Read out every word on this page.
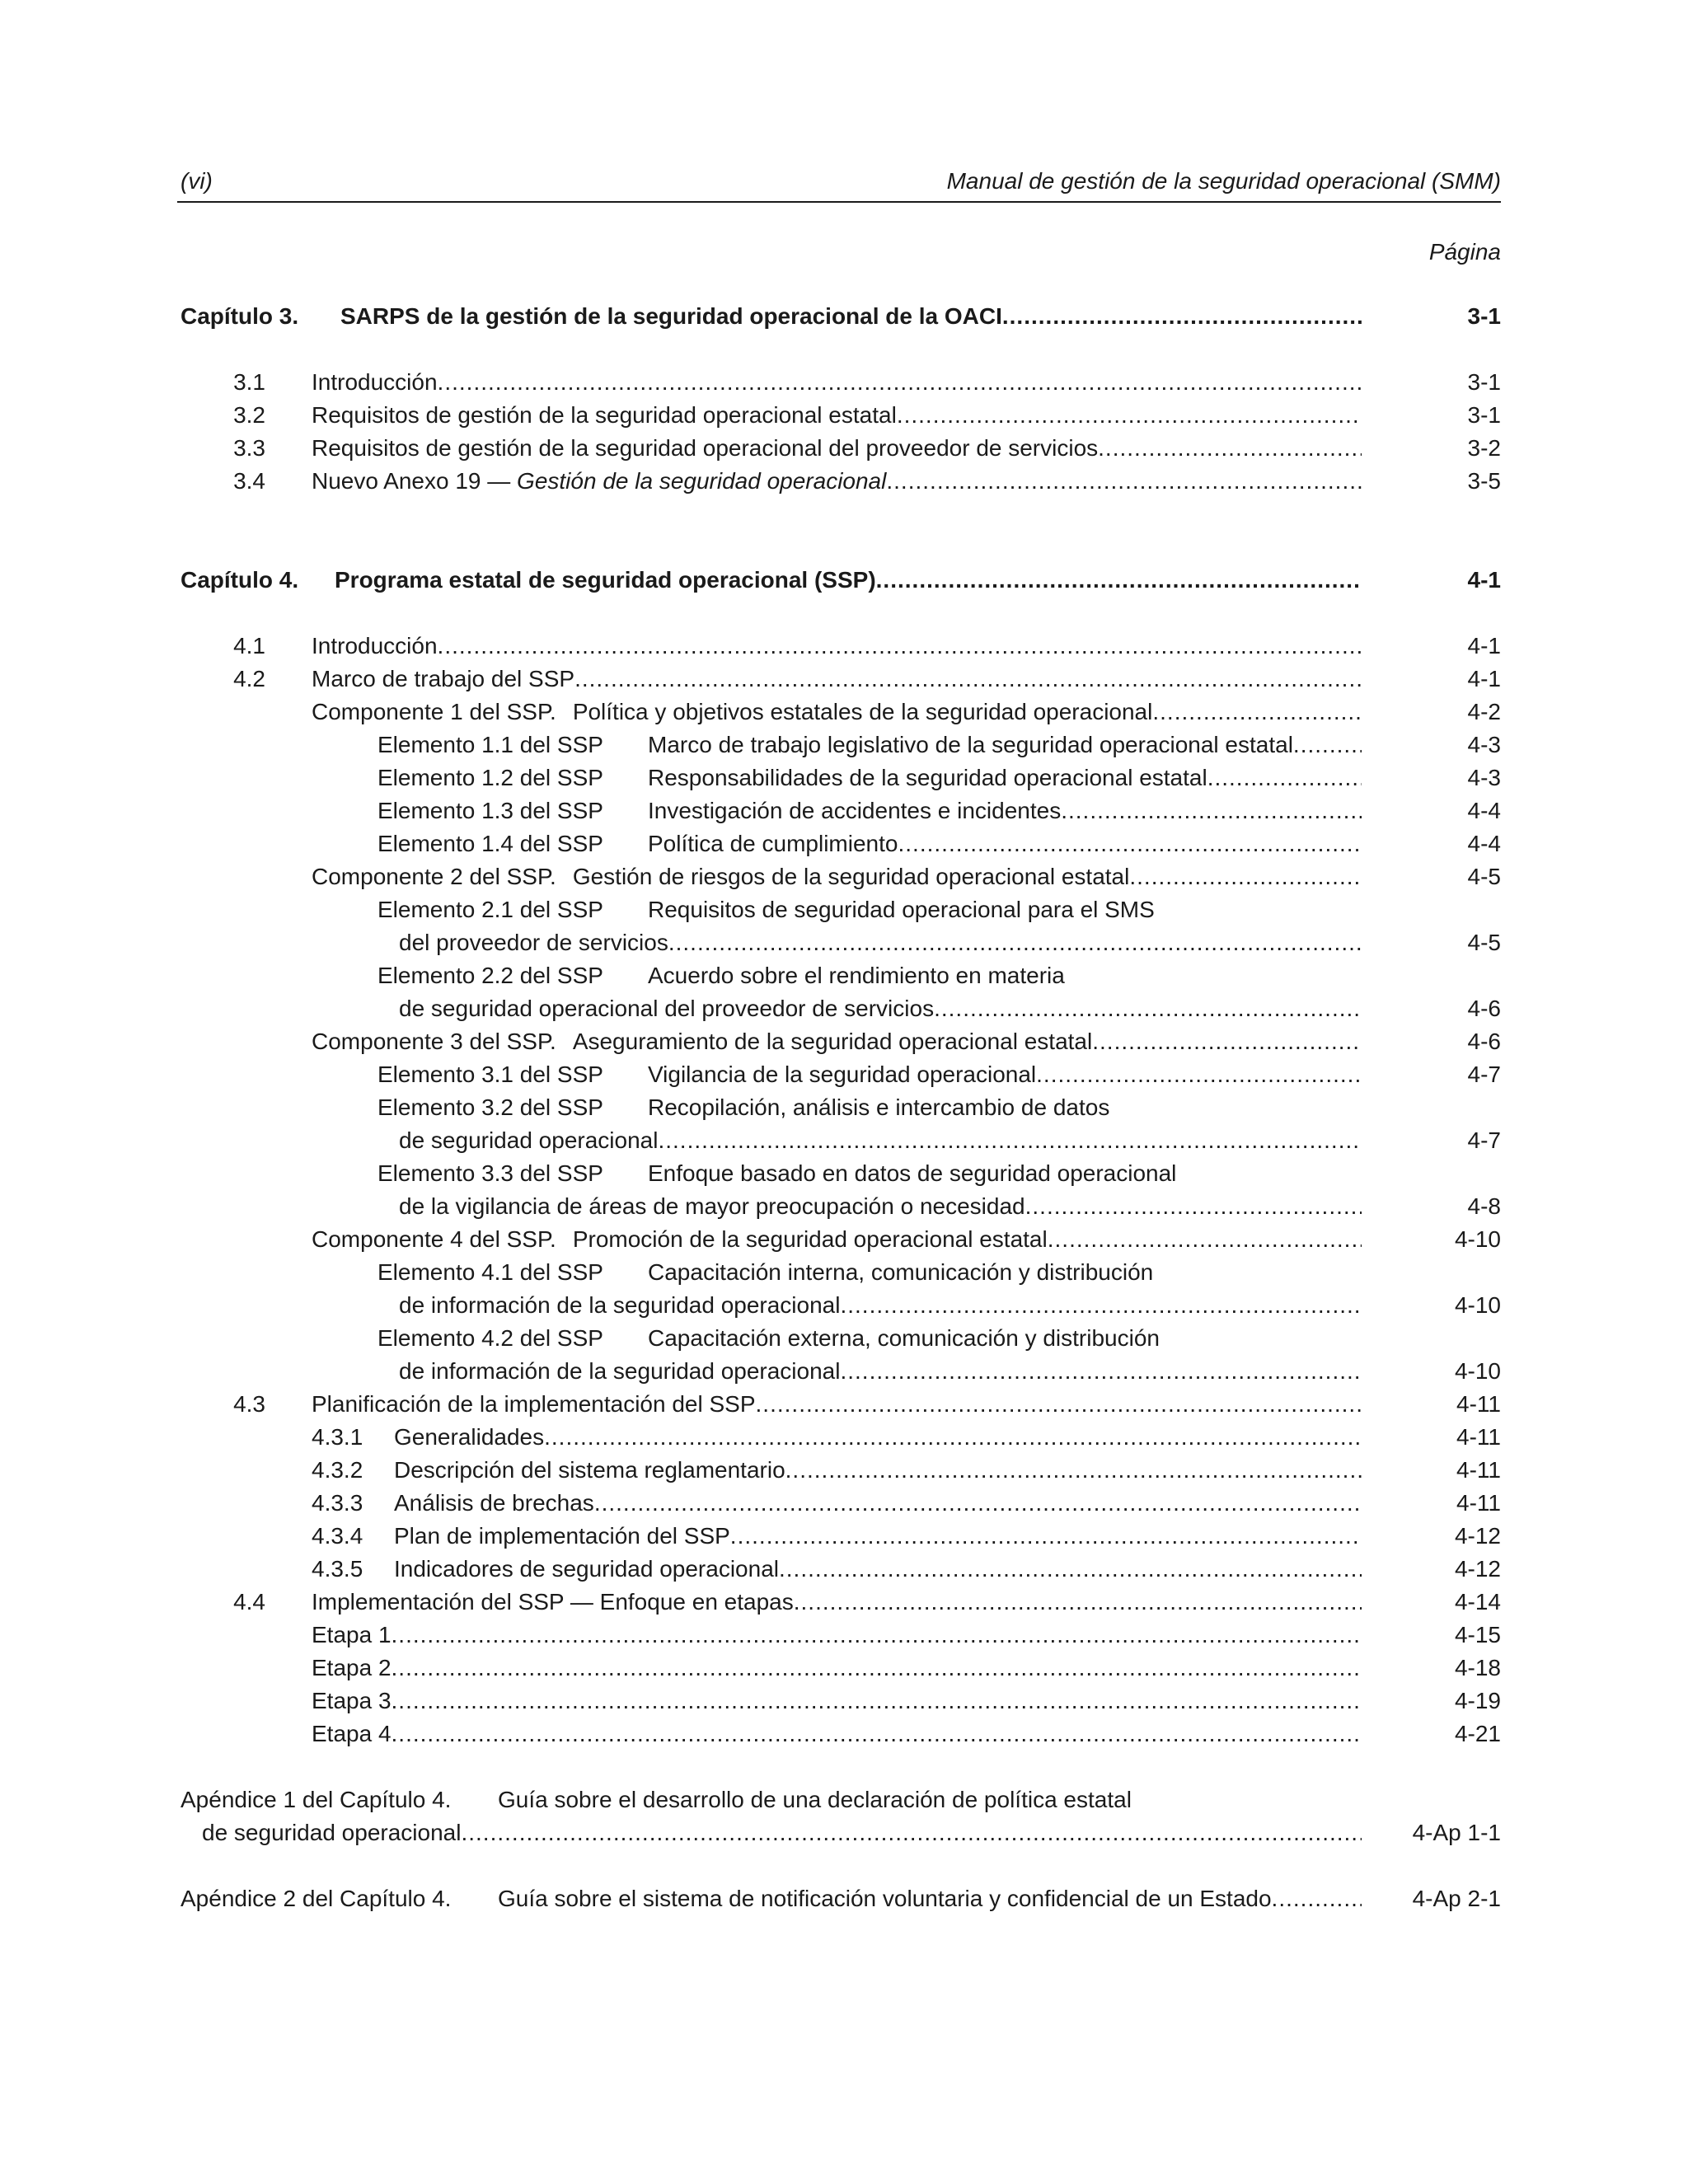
(vi)	Manual de gestión de la seguridad operacional (SMM)
Página
Capítulo 3. SARPS de la gestión de la seguridad operacional de la OACI .....	3-1
3.1 Introducción .....	3-1
3.2 Requisitos de gestión de la seguridad operacional estatal .....	3-1
3.3 Requisitos de gestión de la seguridad operacional del proveedor de servicios .....	3-2
3.4 Nuevo Anexo 19 — Gestión de la seguridad operacional .....	3-5
Capítulo 4. Programa estatal de seguridad operacional (SSP) .....	4-1
4.1 Introducción .....	4-1
4.2 Marco de trabajo del SSP .....	4-1
Componente 1 del SSP. Política y objetivos estatales de la seguridad operacional .....	4-2
Elemento 1.1 del SSP	Marco de trabajo legislativo de la seguridad operacional estatal .....	4-3
Elemento 1.2 del SSP	Responsabilidades de la seguridad operacional estatal .....	4-3
Elemento 1.3 del SSP	Investigación de accidentes e incidentes .....	4-4
Elemento 1.4 del SSP	Política de cumplimiento .....	4-4
Componente 2 del SSP. Gestión de riesgos de la seguridad operacional estatal .....	4-5
Elemento 2.1 del SSP Requisitos de seguridad operacional para el SMS
del proveedor de servicios .....	4-5
Elemento 2.2 del SSP Acuerdo sobre el rendimiento en materia
de seguridad operacional del proveedor de servicios .....	4-6
Componente 3 del SSP. Aseguramiento de la seguridad operacional estatal .....	4-6
Elemento 3.1 del SSP	Vigilancia de la seguridad operacional .....	4-7
Elemento 3.2 del SSP Recopilación, análisis e intercambio de datos
de seguridad operacional .....	4-7
Elemento 3.3 del SSP Enfoque basado en datos de seguridad operacional
de la vigilancia de áreas de mayor preocupación o necesidad .....	4-8
Componente 4 del SSP. Promoción de la seguridad operacional estatal .....	4-10
Elemento 4.1 del SSP Capacitación interna, comunicación y distribución
de información de la seguridad operacional .....	4-10
Elemento 4.2 del SSP Capacitación externa, comunicación y distribución
de información de la seguridad operacional .....	4-10
4.3 Planificación de la implementación del SSP .....	4-11
4.3.1	Generalidades .....	4-11
4.3.2	Descripción del sistema reglamentario .....	4-11
4.3.3	Análisis de brechas .....	4-11
4.3.4	Plan de implementación del SSP .....	4-12
4.3.5	Indicadores de seguridad operacional .....	4-12
4.4 Implementación del SSP — Enfoque en etapas .....	4-14
Etapa 1 .....	4-15
Etapa 2 .....	4-18
Etapa 3 .....	4-19
Etapa 4 .....	4-21
Apéndice 1 del Capítulo 4. Guía sobre el desarrollo de una declaración de política estatal
de seguridad operacional .....	4-Ap 1-1
Apéndice 2 del Capítulo 4.	Guía sobre el sistema de notificación voluntaria y confidencial de un Estado .....	4-Ap 2-1
